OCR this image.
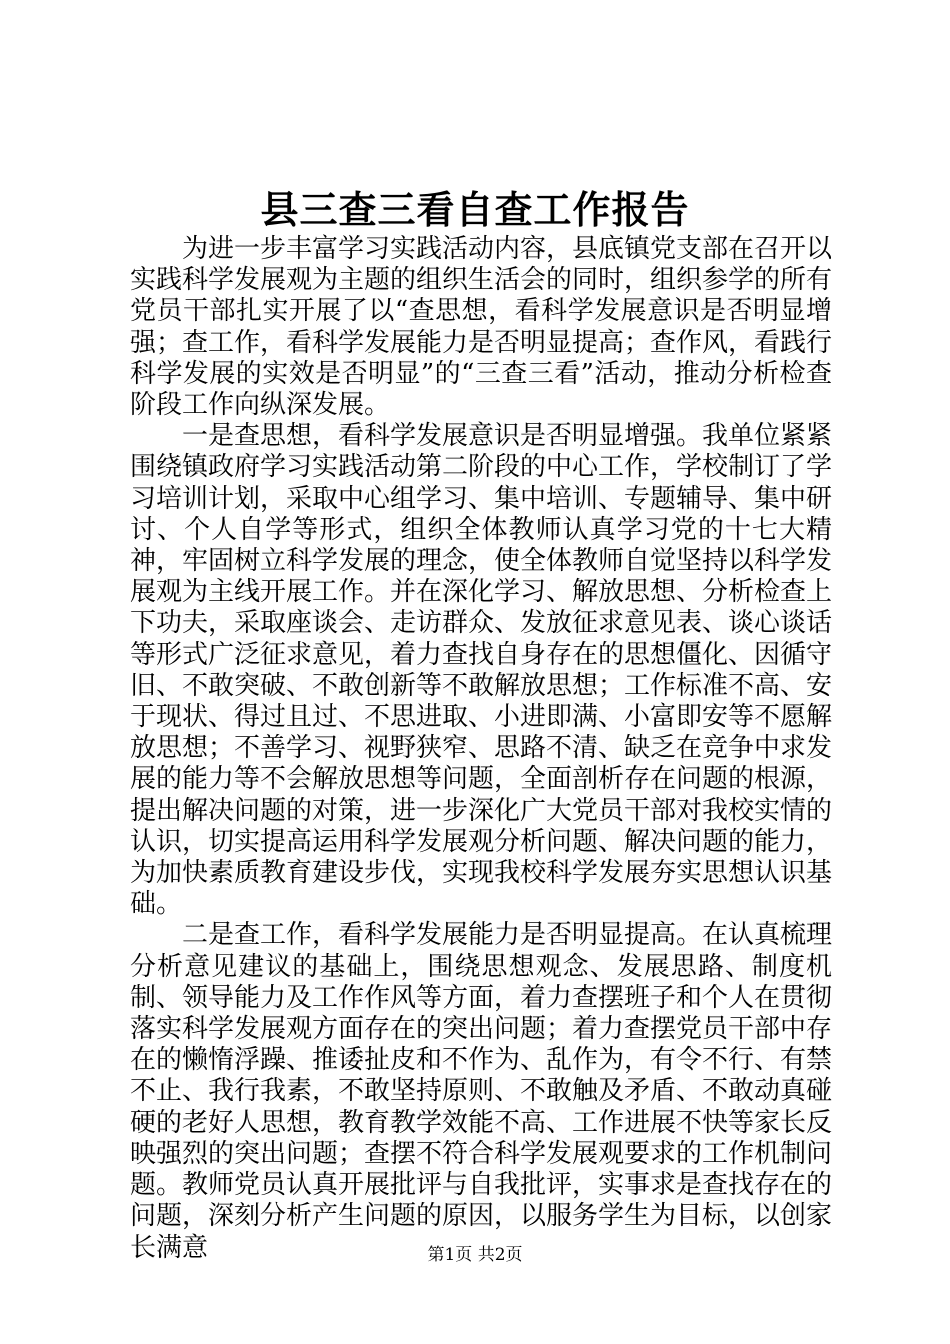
县三查三看自查工作报告

为进一步丰富学习实践活动内容，县底镇党支部在召开以实践科学发展观为主题的组织生活会的同时，组织参学的所有党员干部扎实开展了以“查思想，看科学发展意识是否明显增强；查工作，看科学发展能力是否明显提高；查作风，看践行科学发展的实效是否明显”的“三查三看”活动，推动分析检查阶段工作向纵深发展。

一是查思想，看科学发展意识是否明显增强。我单位紧紧围绕镇政府学习实践活动第二阶段的中心工作，学校制订了学习培训计划，采取中心组学习、集中培训、专题辅导、集中研讨、个人自学等形式，组织全体教师认真学习党的十七大精神，牢固树立科学发展的理念，使全体教师自觉坚持以科学发展观为主线开展工作。并在深化学习、解放思想、分析检查上下功夫，采取座谈会、走访群众、发放征求意见表、谈心谈话等形式广泛征求意见，着力查找自身存在的思想僵化、因循守旧、不敢突破、不敢创新等不敢解放思想；工作标准不高、安于现状、得过且过、不思进取、小进即满、小富即安等不愿解放思想；不善学习、视野狭窄、思路不清、缺乏在竞争中求发展的能力等不会解放思想等问题，全面剖析存在问题的根源，提出解决问题的对策，进一步深化广大党员干部对我校实情的认识，切实提高运用科学发展观分析问题、解决问题的能力，为加快素质教育建设步伐，实现我校科学发展夯实思想认识基础。

二是查工作，看科学发展能力是否明显提高。在认真梳理分析意见建议的基础上，围绕思想观念、发展思路、制度机制、领导能力及工作作风等方面，着力查摆班子和个人在贯彻落实科学发展观方面存在的突出问题；着力查摆党员干部中存在的懒惰浮躁、推诿扯皮和不作为、乱作为，有令不行、有禁不止、我行我素，不敢坚持原则、不敢触及矛盾、不敢动真碰硬的老好人思想，教育教学效能不高、工作进展不快等家长反映强烈的突出问题；查摆不符合科学发展观要求的工作机制问题。教师党员认真开展批评与自我批评，实事求是查找存在的问题，深刻分析产生问题的原因，以服务学生为目标，以创家长满意	第1页 共2页
